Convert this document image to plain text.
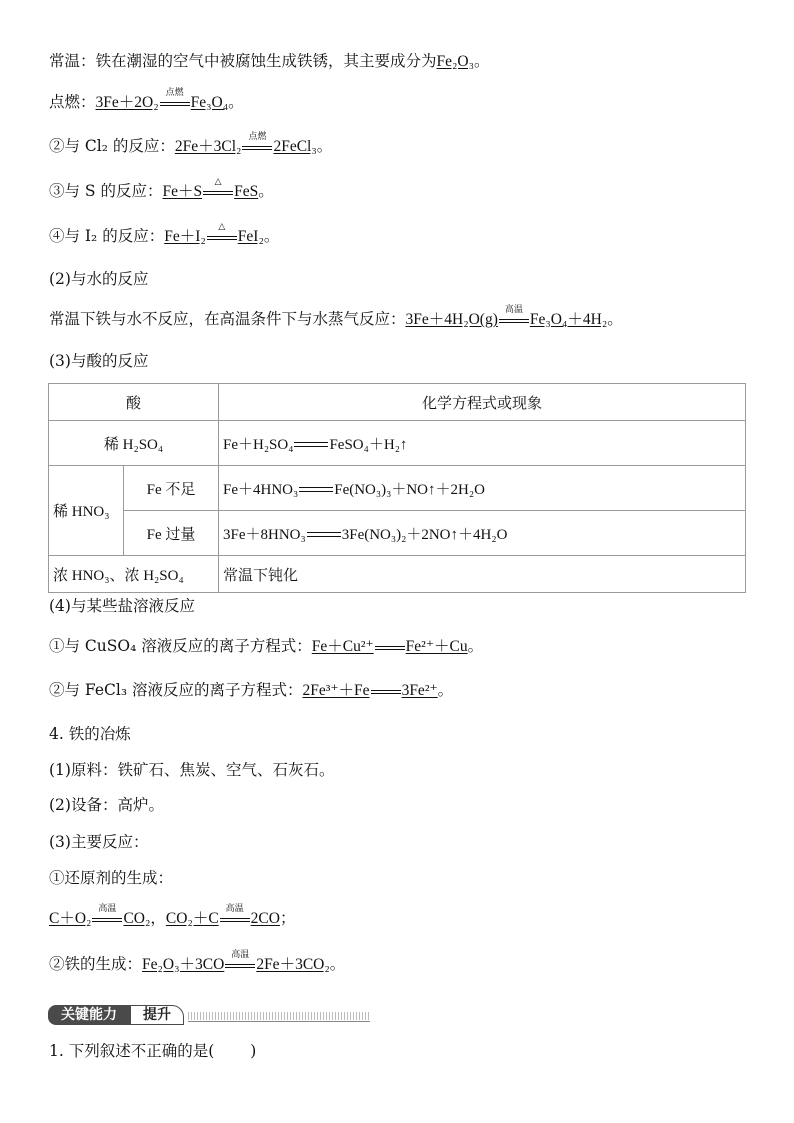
常温：铁在潮湿的空气中被腐蚀生成铁锈，其主要成分为Fe₂O₃。
点燃：3Fe＋2O₂
点燃
Fe₃O₄。
②与 Cl₂ 的反应：2Fe＋3Cl₂
点燃
2FeCl₃。
③与 S 的反应：Fe＋S
△
FeS。
④与 I₂ 的反应：Fe＋I₂
△
FeI₂。
(2)与水的反应
常温下铁与水不反应，在高温条件下与水蒸气反应：3Fe＋4H₂O(g)
高温
Fe₃O₄＋4H₂。
(3)与酸的反应
酸		化学方程式或现象
稀 H₂SO₄		Fe＋H₂SO₄ FeSO₄＋H₂↑
稀 HNO₃	Fe 不足	Fe＋4HNO₃ Fe(NO₃)₃＋NO↑＋2H₂O
	Fe 过量	3Fe＋8HNO₃ 3Fe(NO₃)₂＋2NO↑＋4H₂O
浓 HNO₃、浓 H₂SO₄		常温下钝化
(4)与某些盐溶液反应
①与 CuSO₄ 溶液反应的离子方程式：Fe＋Cu²⁺ Fe²⁺＋Cu。
②与 FeCl₃ 溶液反应的离子方程式：2Fe³⁺＋Fe 3Fe²⁺。
4. 铁的冶炼
(1)原料：铁矿石、焦炭、空气、石灰石。
(2)设备：高炉。
(3)主要反应：
①还原剂的生成：
C＋O₂
高温
CO₂，CO₂＋C
高温
2CO；
②铁的生成：Fe₂O₃＋3CO
高温
2Fe＋3CO₂。
关键能力	提升
1. 下列叙述不正确的是( )
